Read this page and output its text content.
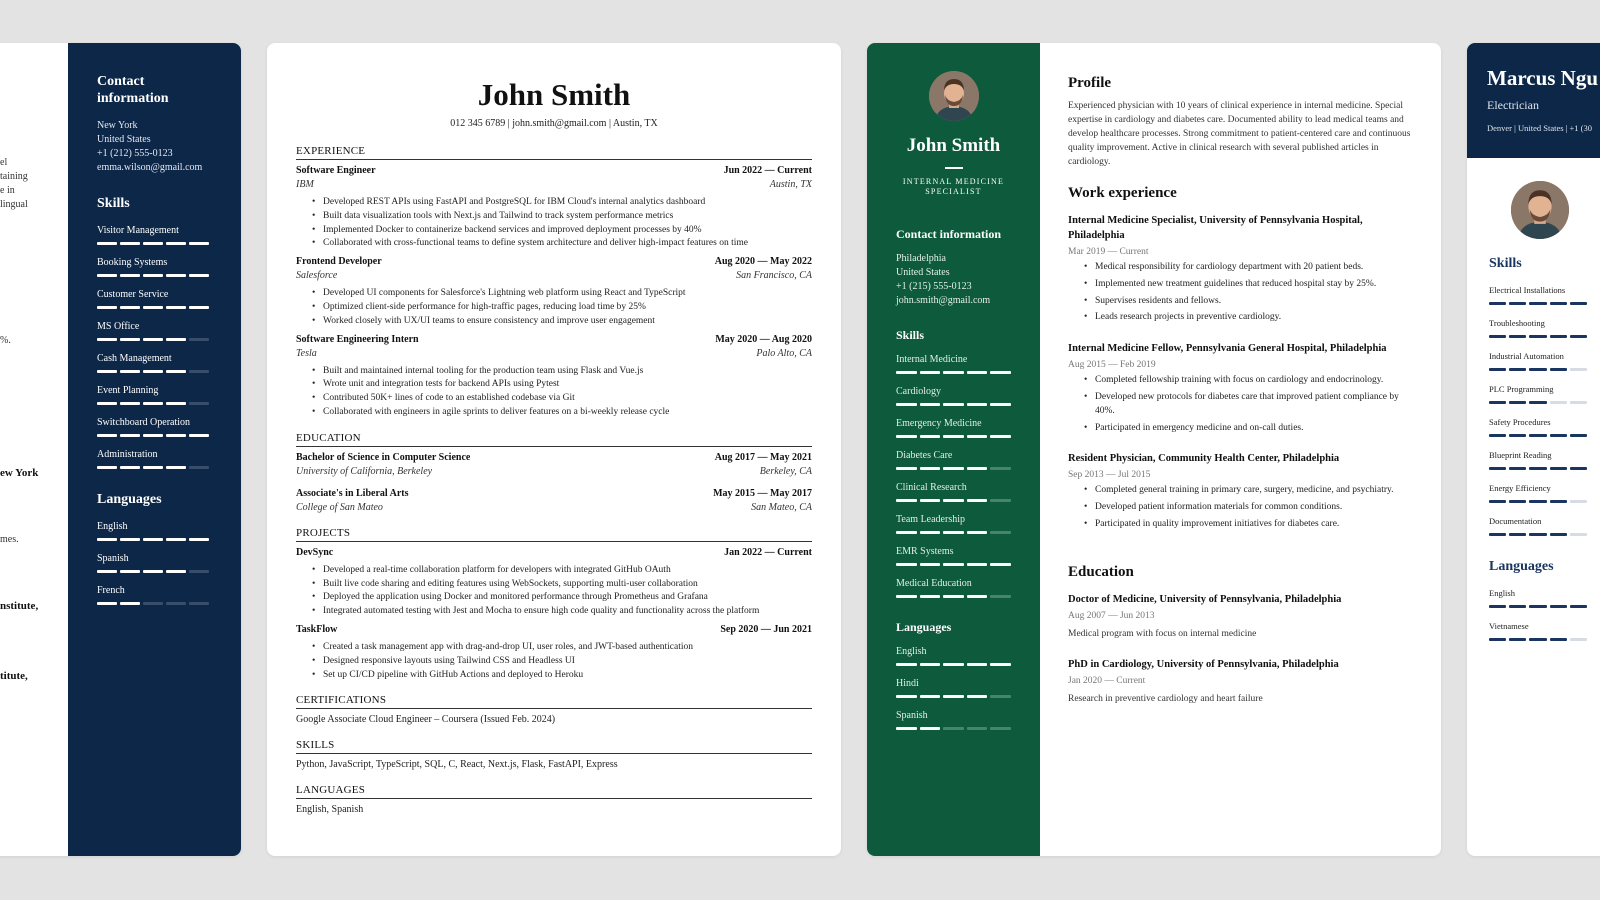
el
taining
e in
lingual
%.
ew York
mes.
nstitute,
titute,
Contact information
New York
United States
+1 (212) 555-0123
emma.wilson@gmail.com
Skills
Visitor Management
Booking Systems
Customer Service
MS Office
Cash Management
Event Planning
Switchboard Operation
Administration
Languages
English
Spanish
French
John Smith
012 345 6789 | john.smith@gmail.com | Austin, TX
EXPERIENCE
Software Engineer	Jun 2022 — Current
IBM	Austin, TX
• Developed REST APIs using FastAPI and PostgreSQL for IBM Cloud's internal analytics dashboard
• Built data visualization tools with Next.js and Tailwind to track system performance metrics
• Implemented Docker to containerize backend services and improved deployment processes by 40%
• Collaborated with cross-functional teams to define system architecture and deliver high-impact features on time
Frontend Developer	Aug 2020 — May 2022
Salesforce	San Francisco, CA
• Developed UI components for Salesforce's Lightning web platform using React and TypeScript
• Optimized client-side performance for high-traffic pages, reducing load time by 25%
• Worked closely with UX/UI teams to ensure consistency and improve user engagement
Software Engineering Intern	May 2020 — Aug 2020
Tesla	Palo Alto, CA
• Built and maintained internal tooling for the production team using Flask and Vue.js
• Wrote unit and integration tests for backend APIs using Pytest
• Contributed 50K+ lines of code to an established codebase via Git
• Collaborated with engineers in agile sprints to deliver features on a bi-weekly release cycle
EDUCATION
Bachelor of Science in Computer Science	Aug 2017 — May 2021
University of California, Berkeley	Berkeley, CA
Associate's in Liberal Arts	May 2015 — May 2017
College of San Mateo	San Mateo, CA
PROJECTS
DevSync	Jan 2022 — Current
• Developed a real-time collaboration platform for developers with integrated GitHub OAuth
• Built live code sharing and editing features using WebSockets, supporting multi-user collaboration
• Deployed the application using Docker and monitored performance through Prometheus and Grafana
• Integrated automated testing with Jest and Mocha to ensure high code quality and functionality across the platform
TaskFlow	Sep 2020 — Jun 2021
• Created a task management app with drag-and-drop UI, user roles, and JWT-based authentication
• Designed responsive layouts using Tailwind CSS and Headless UI
• Set up CI/CD pipeline with GitHub Actions and deployed to Heroku
CERTIFICATIONS
Google Associate Cloud Engineer – Coursera (Issued Feb. 2024)
SKILLS
Python, JavaScript, TypeScript, SQL, C, React, Next.js, Flask, FastAPI, Express
LANGUAGES
English, Spanish
John Smith
INTERNAL MEDICINE SPECIALIST
Contact information
Philadelphia
United States
+1 (215) 555-0123
john.smith@gmail.com
Skills
Internal Medicine
Cardiology
Emergency Medicine
Diabetes Care
Clinical Research
Team Leadership
EMR Systems
Medical Education
Languages
English
Hindi
Spanish
Profile
Experienced physician with 10 years of clinical experience in internal medicine. Special expertise in cardiology and diabetes care. Documented ability to lead medical teams and develop healthcare processes. Strong commitment to patient-centered care and continuous quality improvement. Active in clinical research with several published articles in cardiology.
Work experience
Internal Medicine Specialist, University of Pennsylvania Hospital, Philadelphia
Mar 2019 — Current
• Medical responsibility for cardiology department with 20 patient beds.
• Implemented new treatment guidelines that reduced hospital stay by 25%.
• Supervises residents and fellows.
• Leads research projects in preventive cardiology.
Internal Medicine Fellow, Pennsylvania General Hospital, Philadelphia
Aug 2015 — Feb 2019
• Completed fellowship training with focus on cardiology and endocrinology.
• Developed new protocols for diabetes care that improved patient compliance by 40%.
• Participated in emergency medicine and on-call duties.
Resident Physician, Community Health Center, Philadelphia
Sep 2013 — Jul 2015
• Completed general training in primary care, surgery, medicine, and psychiatry.
• Developed patient information materials for common conditions.
• Participated in quality improvement initiatives for diabetes care.
Education
Doctor of Medicine, University of Pennsylvania, Philadelphia
Aug 2007 — Jun 2013
Medical program with focus on internal medicine
PhD in Cardiology, University of Pennsylvania, Philadelphia
Jan 2020 — Current
Research in preventive cardiology and heart failure
Marcus Ngu
Electrician
Denver | United States | +1 (30
Skills
Electrical Installations
Troubleshooting
Industrial Automation
PLC Programming
Safety Procedures
Blueprint Reading
Energy Efficiency
Documentation
Languages
English
Vietnamese
